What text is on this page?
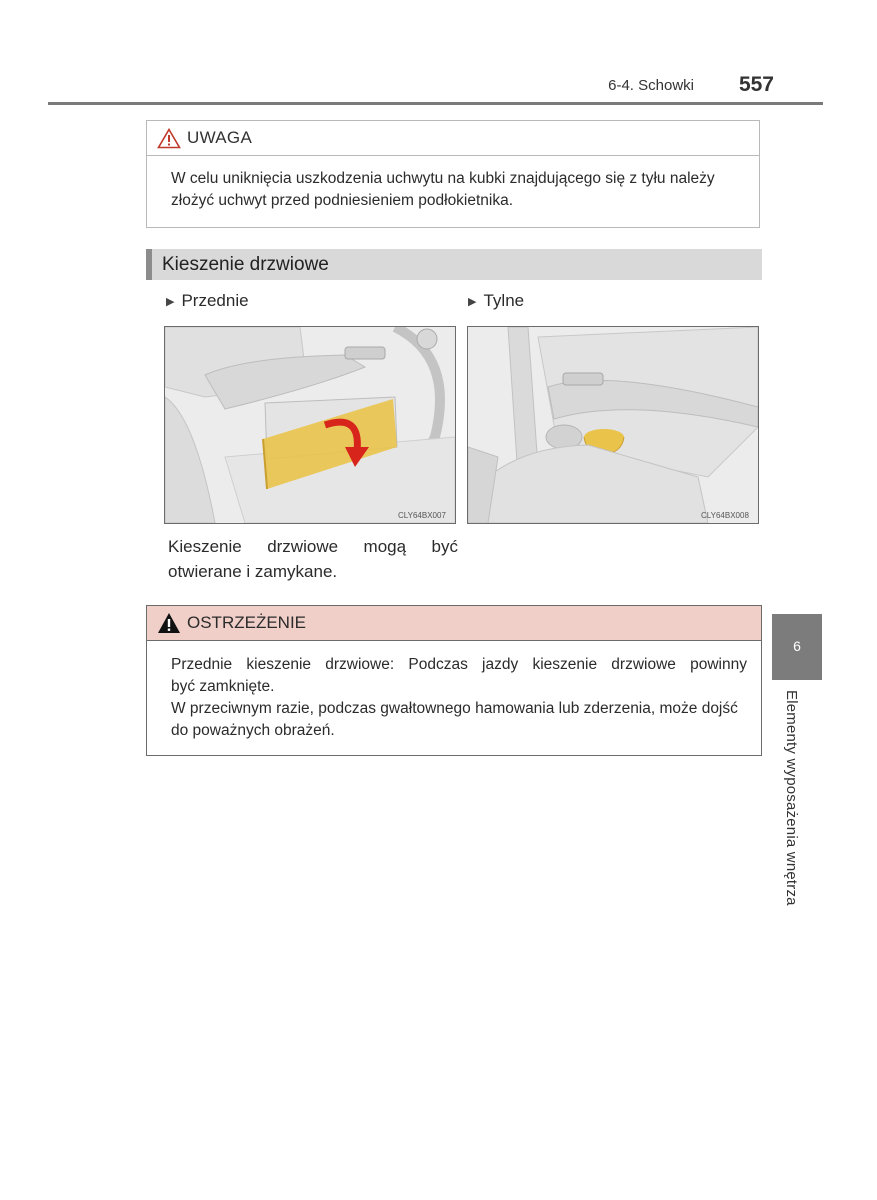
6-4. Schowki	557
UWAGA
W celu uniknięcia uszkodzenia uchwytu na kubki znajdującego się z tyłu należy złożyć uchwyt przed podniesieniem podłokietnika.
Kieszenie drzwiowe
▶ Przednie	▶ Tylne
CLY64BX007	CLY64BX008
Kieszenie drzwiowe mogą być
otwierane i zamykane.
OSTRZEŻENIE
Przednie kieszenie drzwiowe: Podczas jazdy kieszenie drzwiowe powinny
być zamknięte.
W przeciwnym razie, podczas gwałtownego hamowania lub zderzenia, może dojść do poważnych obrażeń.
6
Elementy wyposażenia wnętrza
